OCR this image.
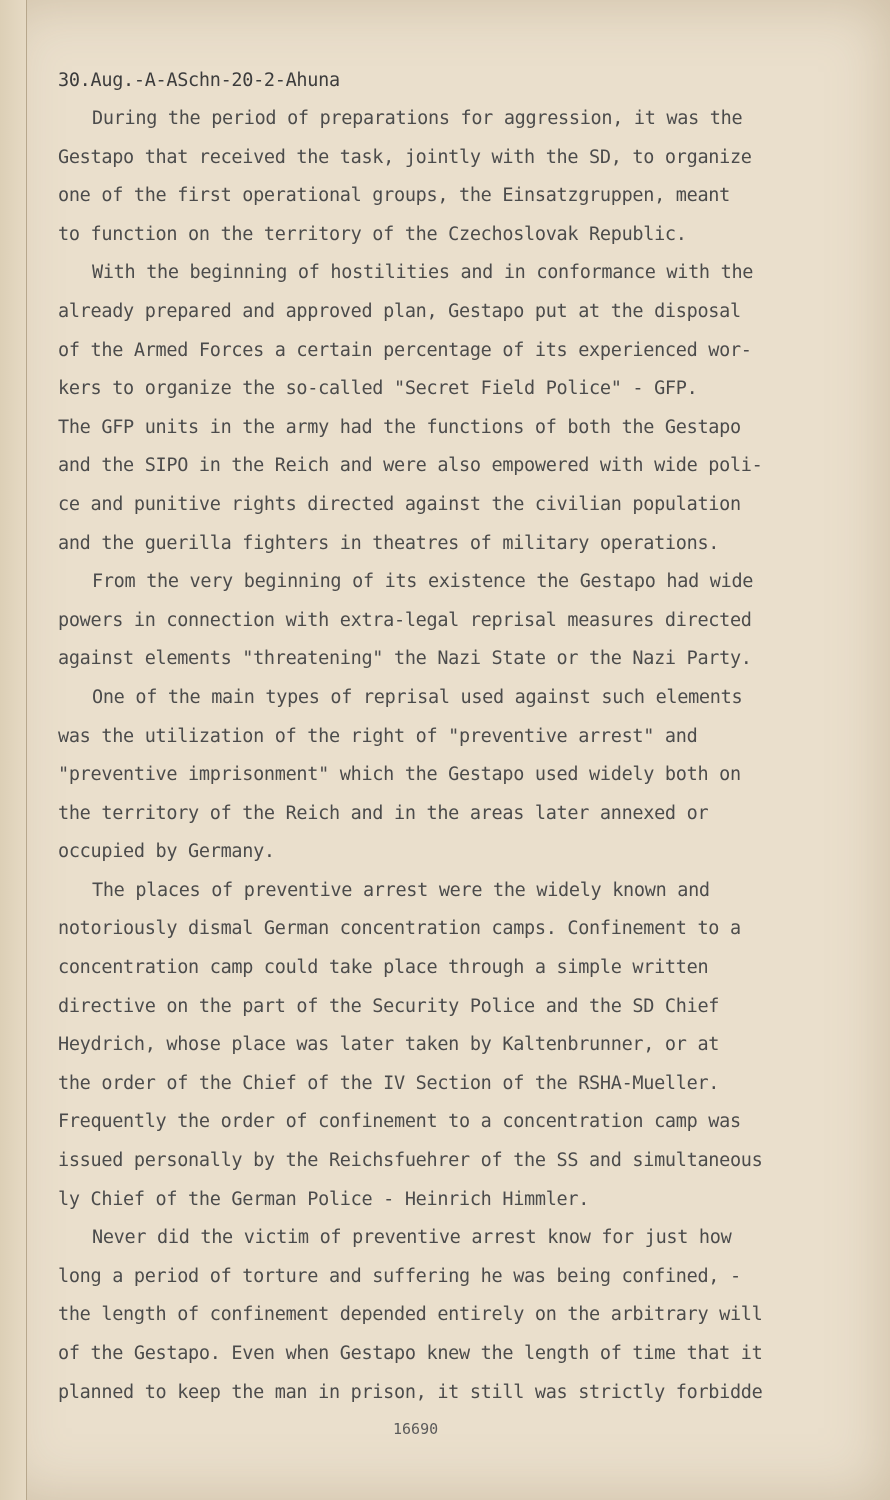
30.Aug.-A-ASchn-20-2-Ahuna
During the period of preparations for aggression, it was the
Gestapo that received the task, jointly with the SD, to organize
one of the first operational groups, the Einsatzgruppen, meant
to function on the territory of the Czechoslovak Republic.
With the beginning of hostilities and in conformance with the
already prepared and approved plan, Gestapo put at the disposal
of the Armed Forces a certain percentage of its experienced wor-
kers to organize the so-called "Secret Field Police" - GFP.
The GFP units in the army had the functions of both the Gestapo
and the SIPO in the Reich and were also empowered with wide poli-
ce and punitive rights directed against the civilian population
and the guerilla fighters in theatres of military operations.
From the very beginning of its existence the Gestapo had wide
powers in connection with extra-legal reprisal measures directed
against elements "threatening" the Nazi State or the Nazi Party.
One of the main types of reprisal used against such elements
was the utilization of the right of "preventive arrest" and
"preventive imprisonment" which the Gestapo used widely both on
the territory of the Reich and in the areas later annexed or
occupied by Germany.
The places of preventive arrest were the widely known and
notoriously dismal German concentration camps. Confinement to a
concentration camp could take place through a simple written
directive on the part of the Security Police and the SD Chief
Heydrich, whose place was later taken by Kaltenbrunner, or at
the order of the Chief of the IV Section of the RSHA-Mueller.
Frequently the order of confinement to a concentration camp was
issued personally by the Reichsfuehrer of the SS and simultaneous
ly Chief of the German Police - Heinrich Himmler.
Never did the victim of preventive arrest know for just how
long a period of torture and suffering he was being confined, -
the length of confinement depended entirely on the arbitrary will
of the Gestapo. Even when Gestapo knew the length of time that it
planned to keep the man in prison, it still was strictly forbidde
16690
